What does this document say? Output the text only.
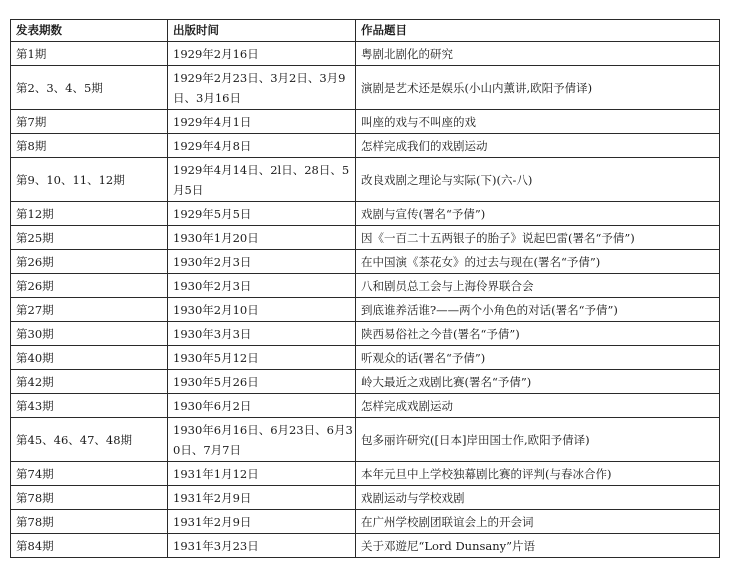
发表期数	出版时间	作品题目
第1期	1929年2月16日	粤剧北剧化的研究
第2、3、4、5期	1929年2月23日、3月2日、3月9日、3月16日	演剧是艺术还是娱乐(小山内薰讲,欧阳予倩译)
第7期	1929年4月1日	叫座的戏与不叫座的戏
第8期	1929年4月8日	怎样完成我们的戏剧运动
第9、10、11、12期	1929年4月14日、2l日、28日、5月5日	改良戏剧之理论与实际(下)(六-八)
第12期	1929年5月5日	戏剧与宣传(署名“予倩”)
第25期	1930年1月20日	因《一百二十五两银子的胎子》说起巴雷(署名“予倩”)
第26期	1930年2月3日	在中国演《茶花女》的过去与现在(署名“予倩”)
第26期	1930年2月3日	八和剧员总工会与上海伶界联合会
第27期	1930年2月10日	到底谁养活谁?——两个小角色的对话(署名“予倩”)
第30期	1930年3月3日	陕西易俗社之今昔(署名“予倩”)
第40期	1930年5月12日	听观众的话(署名“予倩”)
第42期	1930年5月26日	岭大最近之戏剧比赛(署名“予倩”)
第43期	1930年6月2日	怎样完成戏剧运动
第45、46、47、48期	1930年6月16日、6月23日、6月30日、7月7日	包多丽许研究([日本]岸田国士作,欧阳予倩译)
第74期	1931年1月12日	本年元旦中上学校独幕剧比赛的评判(与春冰合作)
第78期	1931年2月9日	戏剧运动与学校戏剧
第78期	1931年2月9日	在广州学校剧团联谊会上的开会词
第84期	1931年3月23日	关于邓遊尼“Lord Dunsany”片语
